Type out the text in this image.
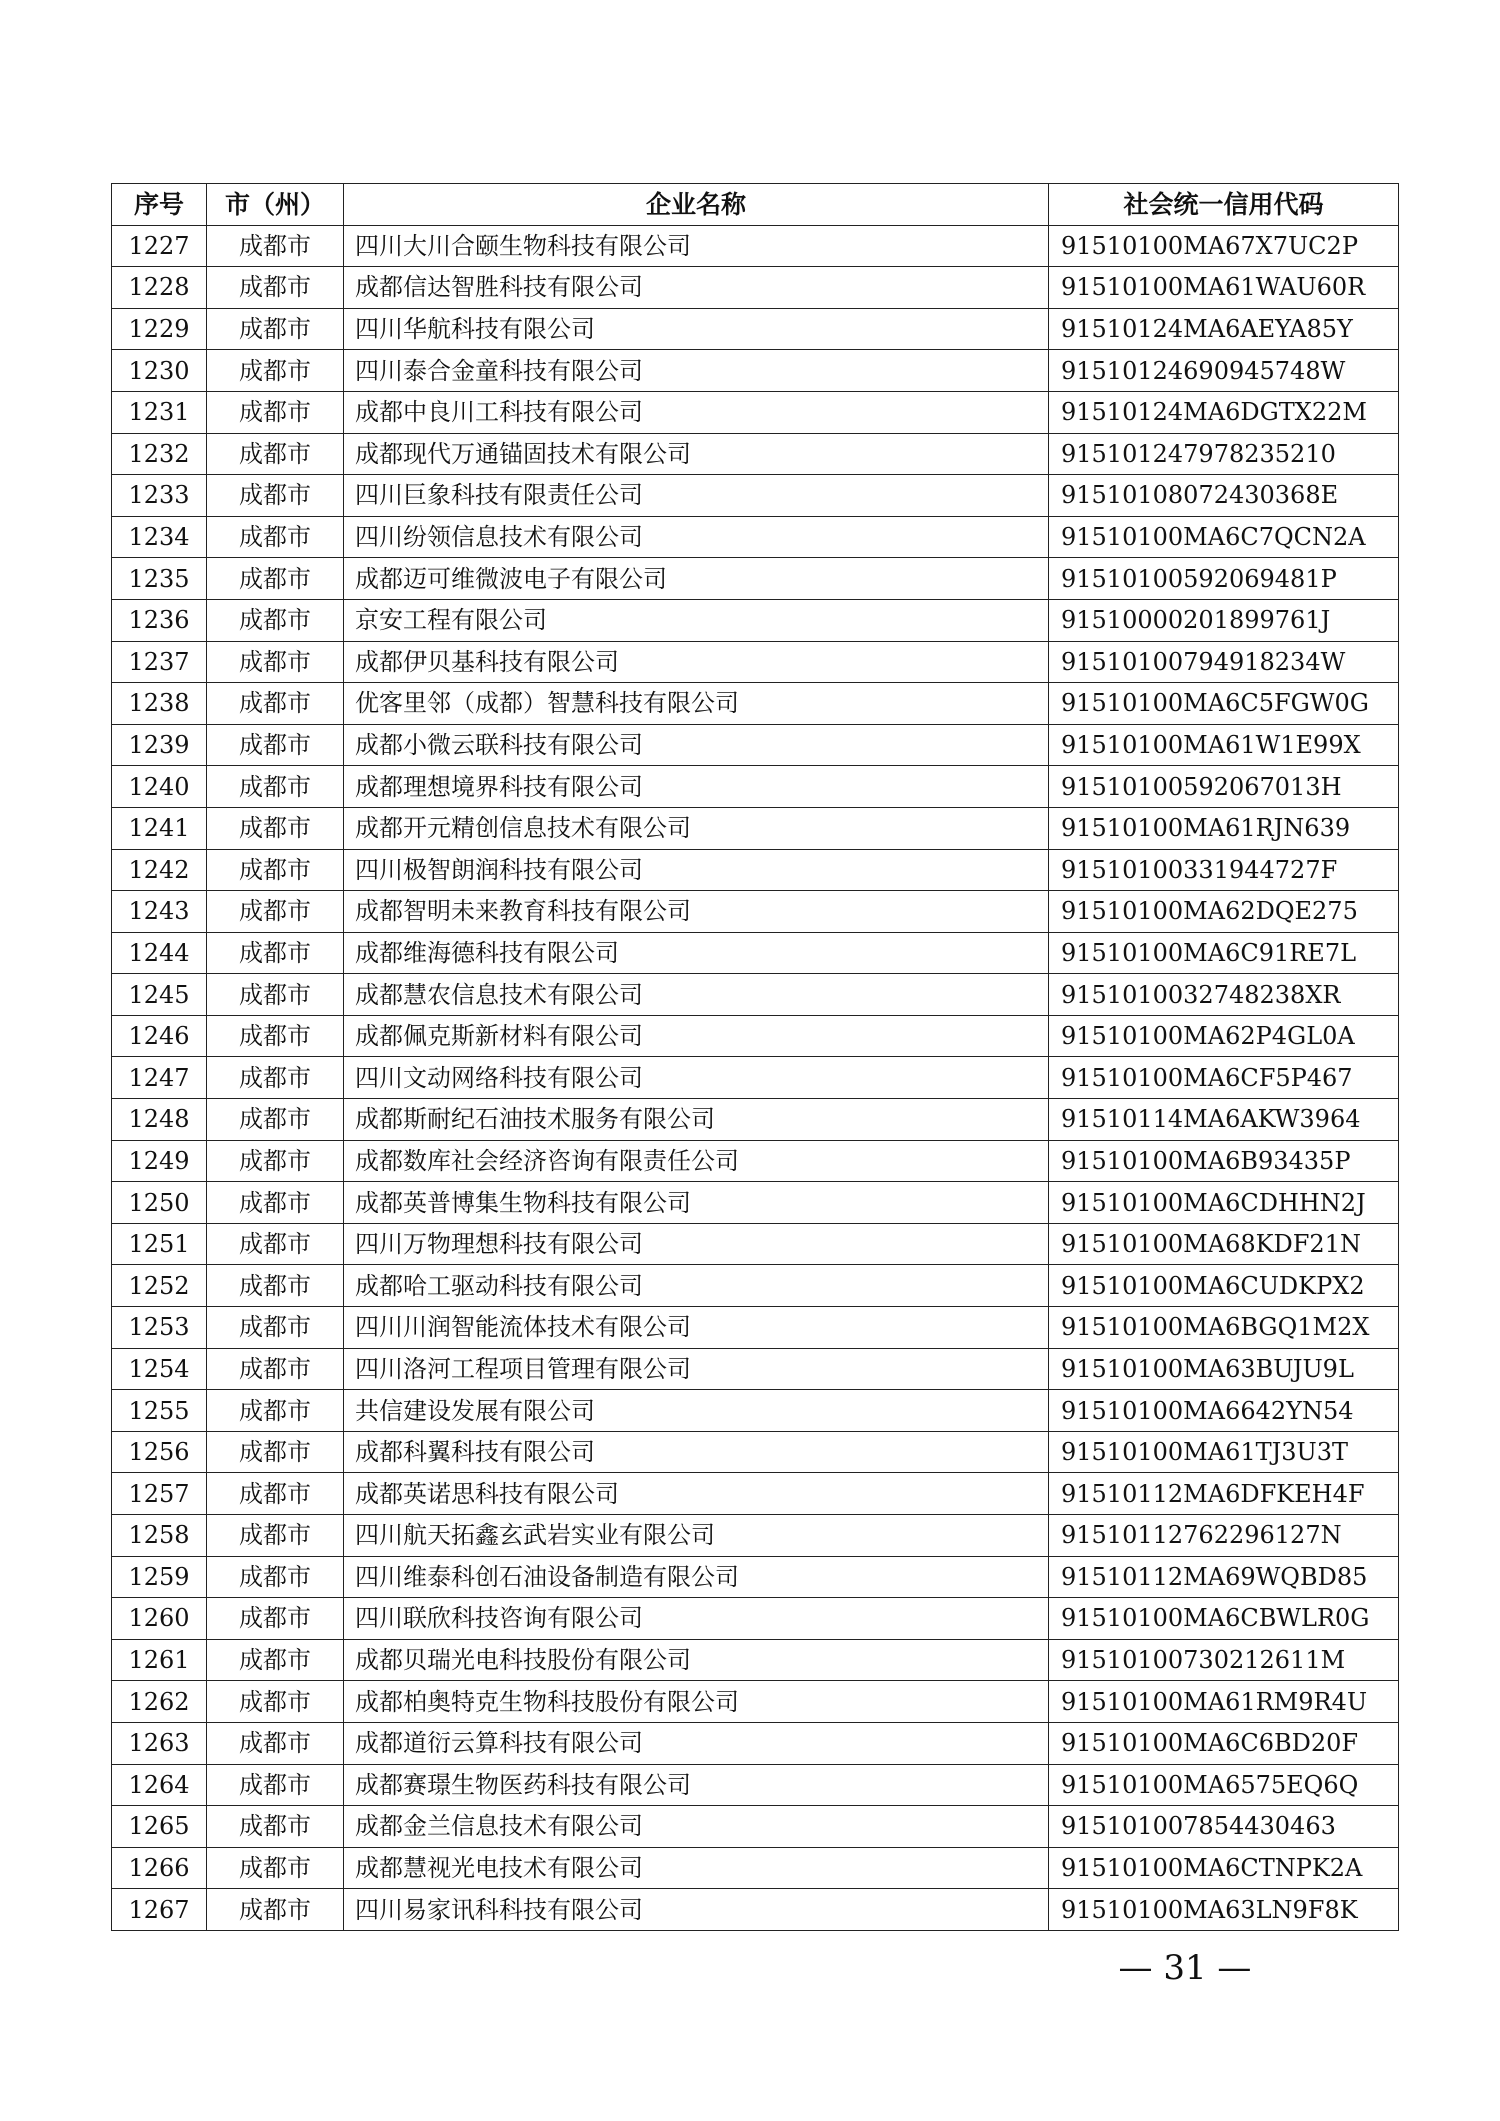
序号	市（州）	企业名称	社会统一信用代码
1227	成都市	四川大川合颐生物科技有限公司	91510100MA67X7UC2P
1228	成都市	成都信达智胜科技有限公司	91510100MA61WAU60R
1229	成都市	四川华航科技有限公司	91510124MA6AEYA85Y
1230	成都市	四川泰合金童科技有限公司	91510124690945748W
1231	成都市	成都中良川工科技有限公司	91510124MA6DGTX22M
1232	成都市	成都现代万通锚固技术有限公司	915101247978235210
1233	成都市	四川巨象科技有限责任公司	91510108072430368E
1234	成都市	四川纷领信息技术有限公司	91510100MA6C7QCN2A
1235	成都市	成都迈可维微波电子有限公司	91510100592069481P
1236	成都市	京安工程有限公司	91510000201899761J
1237	成都市	成都伊贝基科技有限公司	91510100794918234W
1238	成都市	优客里邻（成都）智慧科技有限公司	91510100MA6C5FGW0G
1239	成都市	成都小微云联科技有限公司	91510100MA61W1E99X
1240	成都市	成都理想境界科技有限公司	91510100592067013H
1241	成都市	成都开元精创信息技术有限公司	91510100MA61RJN639
1242	成都市	四川极智朗润科技有限公司	91510100331944727F
1243	成都市	成都智明未来教育科技有限公司	91510100MA62DQE275
1244	成都市	成都维海德科技有限公司	91510100MA6C91RE7L
1245	成都市	成都慧农信息技术有限公司	9151010032748238XR
1246	成都市	成都佩克斯新材料有限公司	91510100MA62P4GL0A
1247	成都市	四川文动网络科技有限公司	91510100MA6CF5P467
1248	成都市	成都斯耐纪石油技术服务有限公司	91510114MA6AKW3964
1249	成都市	成都数库社会经济咨询有限责任公司	91510100MA6B93435P
1250	成都市	成都英普博集生物科技有限公司	91510100MA6CDHHN2J
1251	成都市	四川万物理想科技有限公司	91510100MA68KDF21N
1252	成都市	成都哈工驱动科技有限公司	91510100MA6CUDKPX2
1253	成都市	四川川润智能流体技术有限公司	91510100MA6BGQ1M2X
1254	成都市	四川洛河工程项目管理有限公司	91510100MA63BUJU9L
1255	成都市	共信建设发展有限公司	91510100MA6642YN54
1256	成都市	成都科翼科技有限公司	91510100MA61TJ3U3T
1257	成都市	成都英诺思科技有限公司	91510112MA6DFKEH4F
1258	成都市	四川航天拓鑫玄武岩实业有限公司	91510112762296127N
1259	成都市	四川维泰科创石油设备制造有限公司	91510112MA69WQBD85
1260	成都市	四川联欣科技咨询有限公司	91510100MA6CBWLR0G
1261	成都市	成都贝瑞光电科技股份有限公司	91510100730212611M
1262	成都市	成都柏奥特克生物科技股份有限公司	91510100MA61RM9R4U
1263	成都市	成都道衍云算科技有限公司	91510100MA6C6BD20F
1264	成都市	成都赛璟生物医药科技有限公司	91510100MA6575EQ6Q
1265	成都市	成都金兰信息技术有限公司	915101007854430463
1266	成都市	成都慧视光电技术有限公司	91510100MA6CTNPK2A
1267	成都市	四川易家讯科科技有限公司	91510100MA63LN9F8K
— 31 —
